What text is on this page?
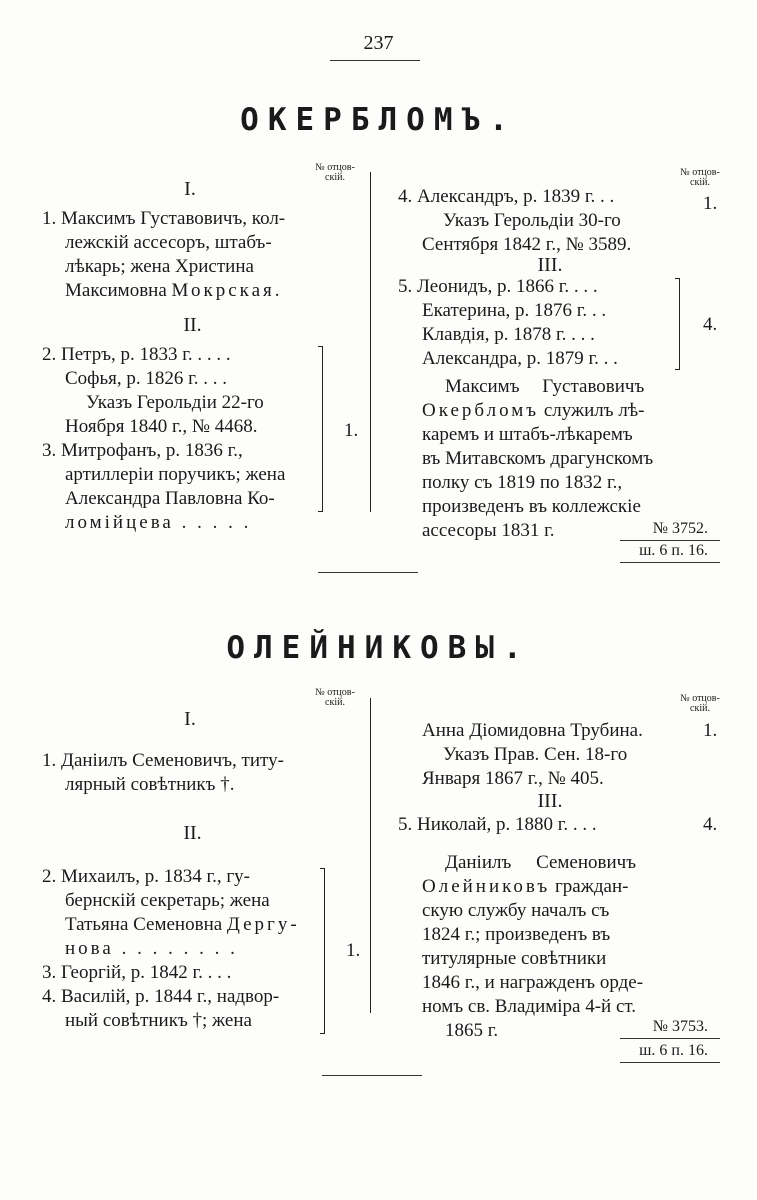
237
ОКЕРБЛОМЪ.
№ отцов-
скій.	№ отцов-
скій.
I.
1. Максимъ Густавовичъ, кол-
лежскій ассесоръ, штабъ-
лѣкарь; жена Христина
Максимовна Мокрская.
II.
2. Петръ, р. 1833 г. . . . .
Софья, р. 1826 г. . . .
Указъ Герольдіи 22-го
Ноября 1840 г., № 4468.
3. Митрофанъ, р. 1836 г.,
артиллеріи поручикъ; жена
Александра Павловна Ко-
ломійцева . . . . .
1.
4. Александръ, р. 1839 г. . .	1.
Указъ Герольдіи 30-го
Сентября 1842 г., № 3589.
III.
5. Леонидъ, р. 1866 г. . . .
Екатерина, р. 1876 г. . .
Клавдія, р. 1878 г. . . .
Александра, р. 1879 г. . .
4.
Максимъ Густавовичъ
Окербломъ служилъ лѣ-
каремъ и штабъ-лѣкаремъ
въ Митавскомъ драгунскомъ
полку съ 1819 по 1832 г.,
произведенъ въ коллежскіе
ассесоры 1831 г.	№ 3752.
ш. 6 п. 16.
ОЛЕЙНИКОВЫ.
№ отцов-
скій.	№ отцов-
скій.
I.
1. Даніилъ Семеновичъ, титу-
лярный совѣтникъ †.
II.
2. Михаилъ, р. 1834 г., гу-
бернскій секретарь; жена
Татьяна Семеновна Дергу-
нова . . . . . . . .
3. Георгій, р. 1842 г. . . .
4. Василій, р. 1844 г., надвор-
ный совѣтникъ †; жена
1.
Анна Діомидовна Трубина.	1.
Указъ Прав. Сен. 18-го
Января 1867 г., № 405.
III.
5. Николай, р. 1880 г. . . .	4.
Даніилъ Семеновичъ
Олейниковъ граждан-
скую службу началъ съ
1824 г.; произведенъ въ
титулярные совѣтники
1846 г., и награжденъ орде-
номъ св. Владиміра 4-й ст.
1865 г.	№ 3753.
ш. 6 п. 16.
